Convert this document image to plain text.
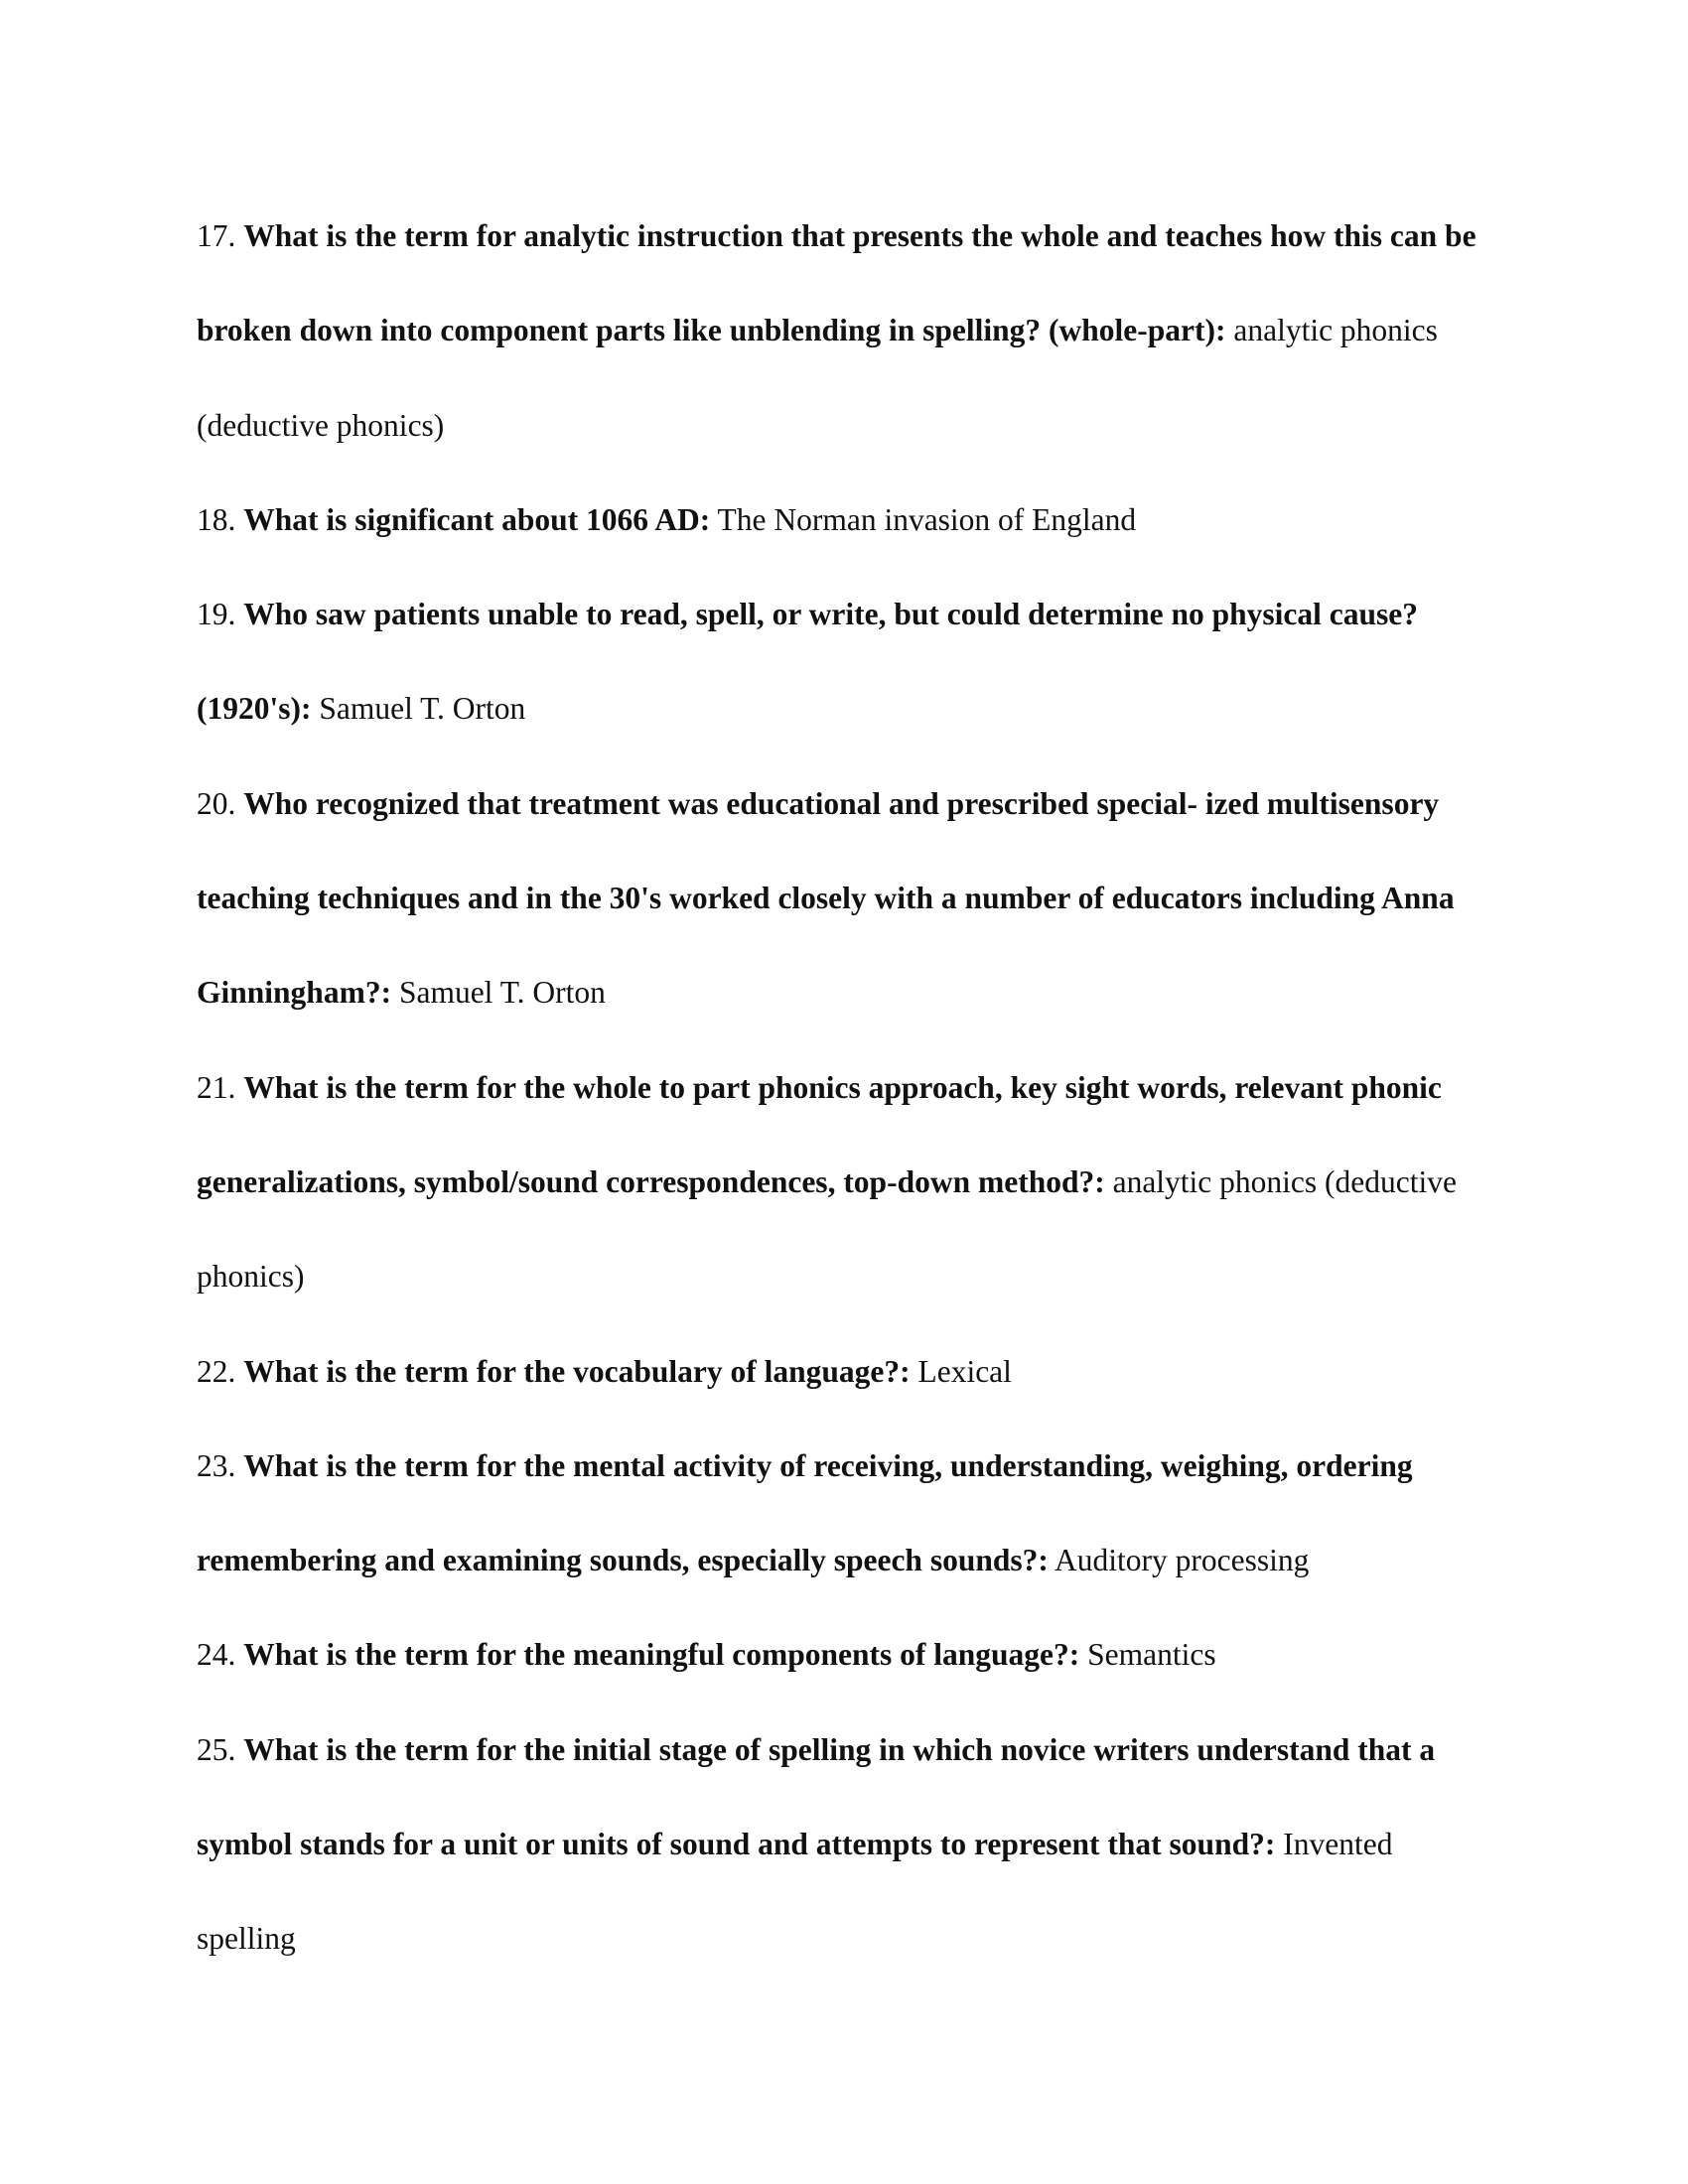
17. What is the term for analytic instruction that presents the whole and teaches how this can be broken down into component parts like unblending in spelling? (whole-part): analytic phonics (deductive phonics)

18. What is significant about 1066 AD: The Norman invasion of England

19. Who saw patients unable to read, spell, or write, but could determine no physical cause? (1920's): Samuel T. Orton

20. Who recognized that treatment was educational and prescribed special- ized multisensory teaching techniques and in the 30's worked closely with a number of educators including Anna Ginningham?: Samuel T. Orton

21. What is the term for the whole to part phonics approach, key sight words, relevant phonic generalizations, symbol/sound correspondences, top-down method?: analytic phonics (deductive phonics)

22. What is the term for the vocabulary of language?: Lexical

23. What is the term for the mental activity of receiving, understanding, weighing, ordering remembering and examining sounds, especially speech sounds?: Auditory processing

24. What is the term for the meaningful components of language?: Semantics

25. What is the term for the initial stage of spelling in which novice writers understand that a symbol stands for a unit or units of sound and attempts to represent that sound?: Invented spelling
